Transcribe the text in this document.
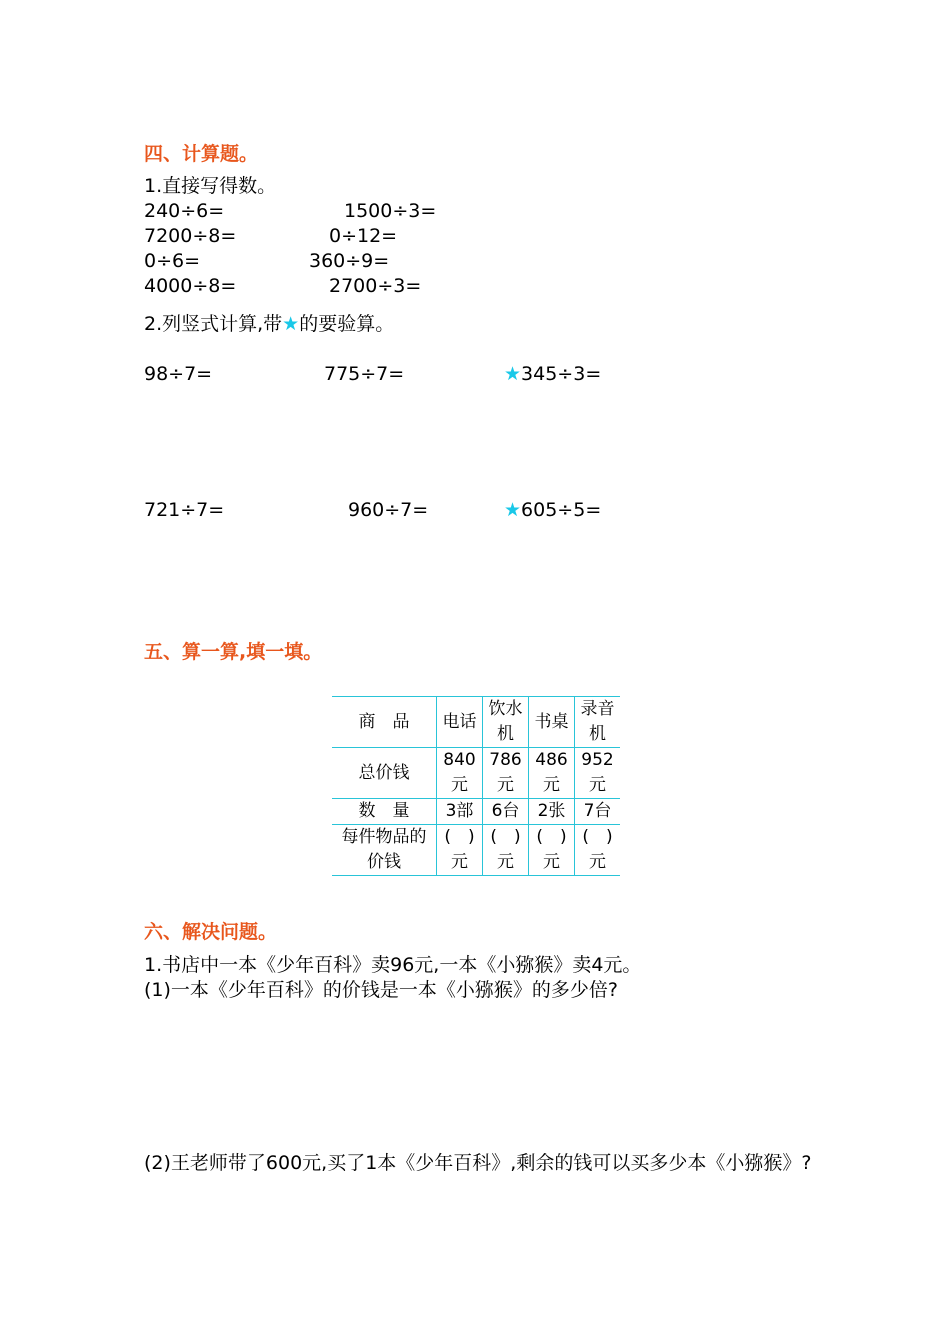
四、计算题。
1.直接写得数。
240÷6=	1500÷3=
7200÷8=	0÷12=
0÷6=	360÷9=
4000÷8=	2700÷3=
2.列竖式计算,带★的要验算。
98÷7=	775÷7=	★345÷3=
721÷7=	960÷7=	★605÷5=
五、算一算,填一填。
商　品	电话	饮水机	书桌	录音机
总价钱	840元	786元	486元	952元
数　量	3部	6台	2张	7台
每件物品的价钱	(　)元	(　)元	(　)元	(　)元
六、解决问题。
1.书店中一本《少年百科》卖96元,一本《小猕猴》卖4元。
(1)一本《少年百科》的价钱是一本《小猕猴》的多少倍?
(2)王老师带了600元,买了1本《少年百科》,剩余的钱可以买多少本《小猕猴》?
